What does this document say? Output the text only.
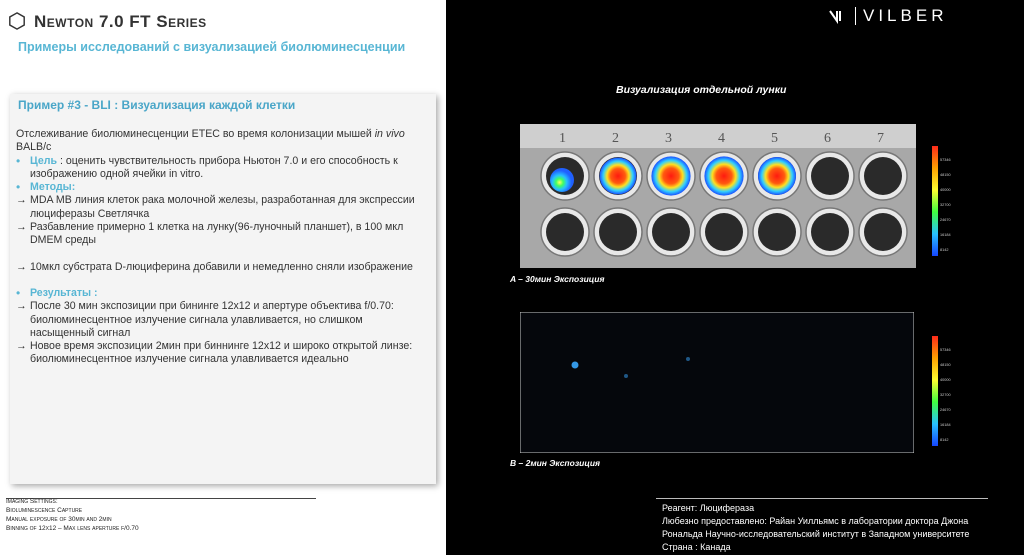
Newton 7.0 FT Series
Примеры исследований с визуализацией биолюминесценции
Пример #3 - BLI : Визуализация каждой клетки

Отслеживание биолюминесценции ETEC во время колонизации мышей in vivo BALB/c

• Цель : оценить чувствительность прибора Ньютон 7.0 и его способность к изображению одной ячейки in vitro.
• Методы:
→ MDA MB линия клеток рака молочной железы, разработанная для экспрессии люциферазы Светлячка
→ Разбавление примерно 1 клетка на лунку(96-луночный планшет), в 100 мкл DMEM среды
→ 10мкл субстрата D-люциферина добавили и немедленно сняли изображение
• Результаты :
→ После 30 мин экспозиции при бининге 12x12 и апертуре объектива f/0.70: биолюминесцентное излучение сигнала улавливается, но слишком насыщенный сигнал
→ Новое время экспозиции 2мин при биннинге 12x12 и широко открытой линзе: биолюминесцентное излучение сигнала улавливается идеально
Imaging Settings:
Bioluminescence Capture
Manual exposure of 30min and 2min
Binning of 12x12 – Max lens aperture f/0.70
VILBER
Визуализация отдельной лунки
1	2	3	4	5	6	7
A – 30мин Экспозиция
B – 2мин Экспозиция

Реагент: Люцифераза

Любезно предоставлено: Райан Уилльямс в лаборатории доктора Джона

Рональда Научно-исследовательский институт в Западном университете

Страна : Канада

57346
48150
40000
32700
24670
16184
8142
57346
48150
40000
32700
24670
16184
8142
